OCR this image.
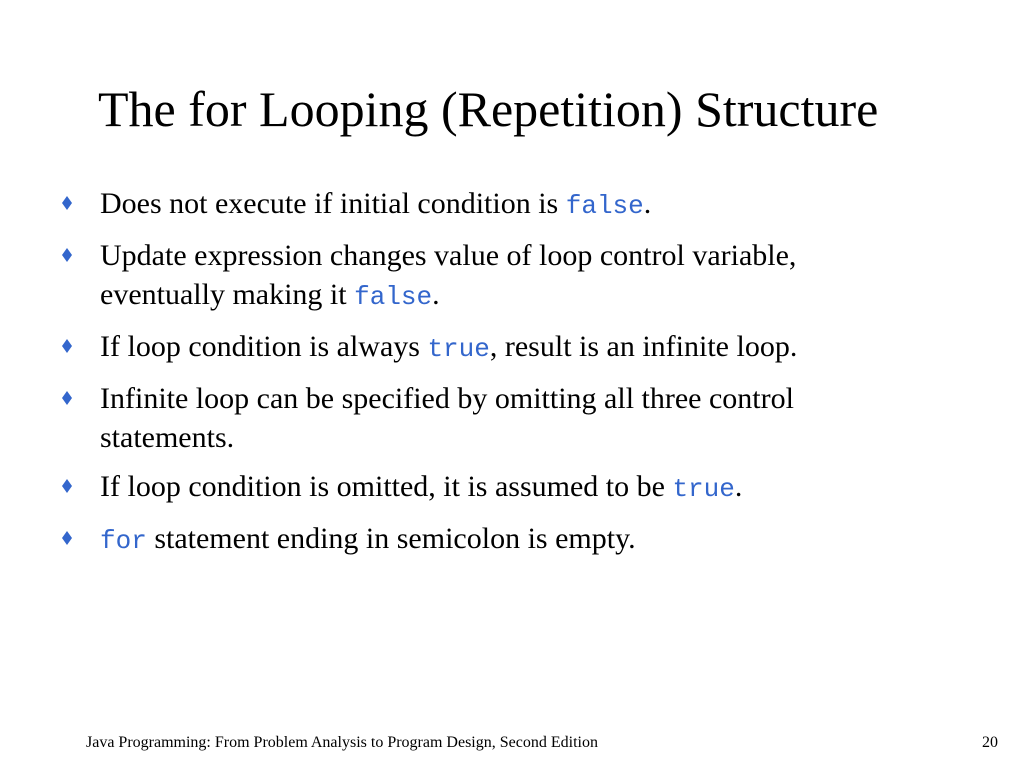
The for Looping (Repetition) Structure
Does not execute if initial condition is false.
Update expression changes value of loop control variable, eventually making it false.
If loop condition is always true, result is an infinite loop.
Infinite loop can be specified by omitting all three control statements.
If loop condition is omitted, it is assumed to be true.
for statement ending in semicolon is empty.
Java Programming: From Problem Analysis to Program Design, Second Edition	20
